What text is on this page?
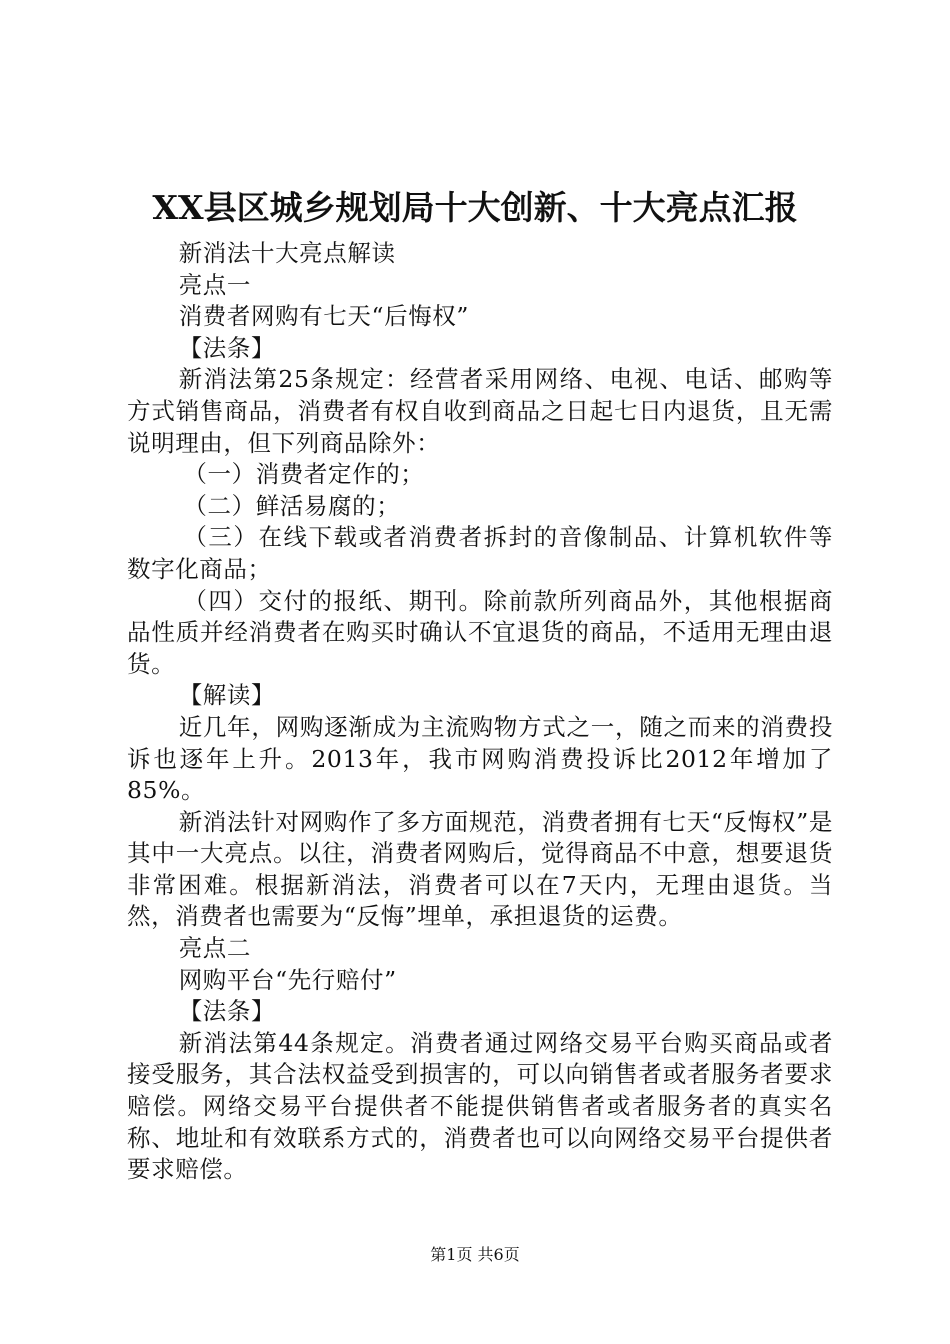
XX县区城乡规划局十大创新、十大亮点汇报

新消法十大亮点解读

亮点一

消费者网购有七天“后悔权”

【法条】

新消法第25条规定：经营者采用网络、电视、电话、邮购等方式销售商品，消费者有权自收到商品之日起七日内退货，且无需说明理由，但下列商品除外：

（一）消费者定作的；

（二）鲜活易腐的；

（三）在线下载或者消费者拆封的音像制品、计算机软件等数字化商品；

（四）交付的报纸、期刊。除前款所列商品外，其他根据商品性质并经消费者在购买时确认不宜退货的商品，不适用无理由退货。

【解读】

近几年，网购逐渐成为主流购物方式之一，随之而来的消费投诉也逐年上升。2013年，我市网购消费投诉比2012年增加了85%。

新消法针对网购作了多方面规范，消费者拥有七天“反悔权”是其中一大亮点。以往，消费者网购后，觉得商品不中意，想要退货非常困难。根据新消法，消费者可以在7天内，无理由退货。当然，消费者也需要为“反悔”埋单，承担退货的运费。

亮点二

网购平台“先行赔付”

【法条】

新消法第44条规定。消费者通过网络交易平台购买商品或者接受服务，其合法权益受到损害的，可以向销售者或者服务者要求赔偿。网络交易平台提供者不能提供销售者或者服务者的真实名称、地址和有效联系方式的，消费者也可以向网络交易平台提供者要求赔偿。

第1页 共6页
